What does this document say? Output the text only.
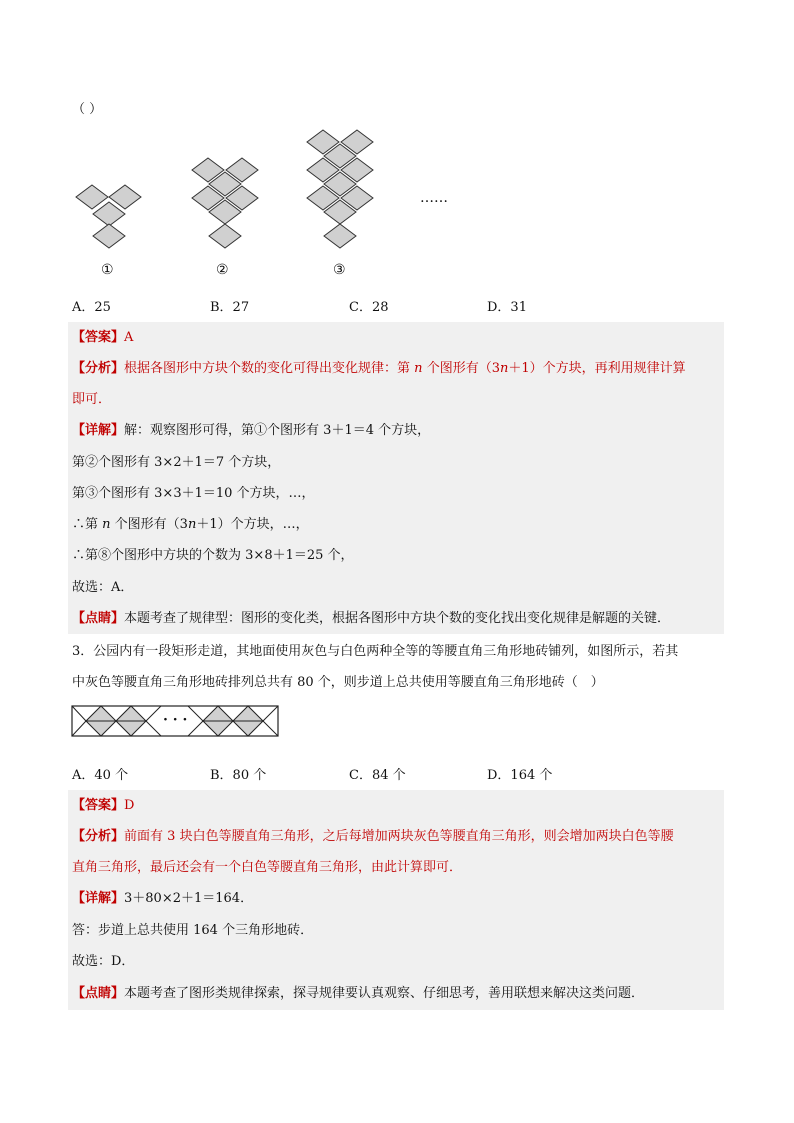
（ ）
……
①	②	③
A．25	B．27	C．28	D．31
【答案】A
【分析】根据各图形中方块个数的变化可得出变化规律：第 n 个图形有（3n＋1）个方块，再利用规律计算
即可．
【详解】解：观察图形可得，第①个图形有 3＋1＝4 个方块，
第②个图形有 3×2＋1＝7 个方块，
第③个图形有 3×3＋1＝10 个方块，…，
∴第 n 个图形有（3n＋1）个方块，…，
∴第⑧个图形中方块的个数为 3×8＋1＝25 个，
故选：A．
【点睛】本题考查了规律型：图形的变化类，根据各图形中方块个数的变化找出变化规律是解题的关键．
3．公园内有一段矩形走道，其地面使用灰色与白色两种全等的等腰直角三角形地砖铺列，如图所示，若其
中灰色等腰直角三角形地砖排列总共有 80 个，则步道上总共使用等腰直角三角形地砖（　）
· · ·
A．40 个	B．80 个	C．84 个	D．164 个
【答案】D
【分析】前面有 3 块白色等腰直角三角形，之后每增加两块灰色等腰直角三角形，则会增加两块白色等腰
直角三角形，最后还会有一个白色等腰直角三角形，由此计算即可．
【详解】3＋80×2＋1＝164．
答：步道上总共使用 164 个三角形地砖．
故选：D．
【点睛】本题考查了图形类规律探索，探寻规律要认真观察、仔细思考，善用联想来解决这类问题．
